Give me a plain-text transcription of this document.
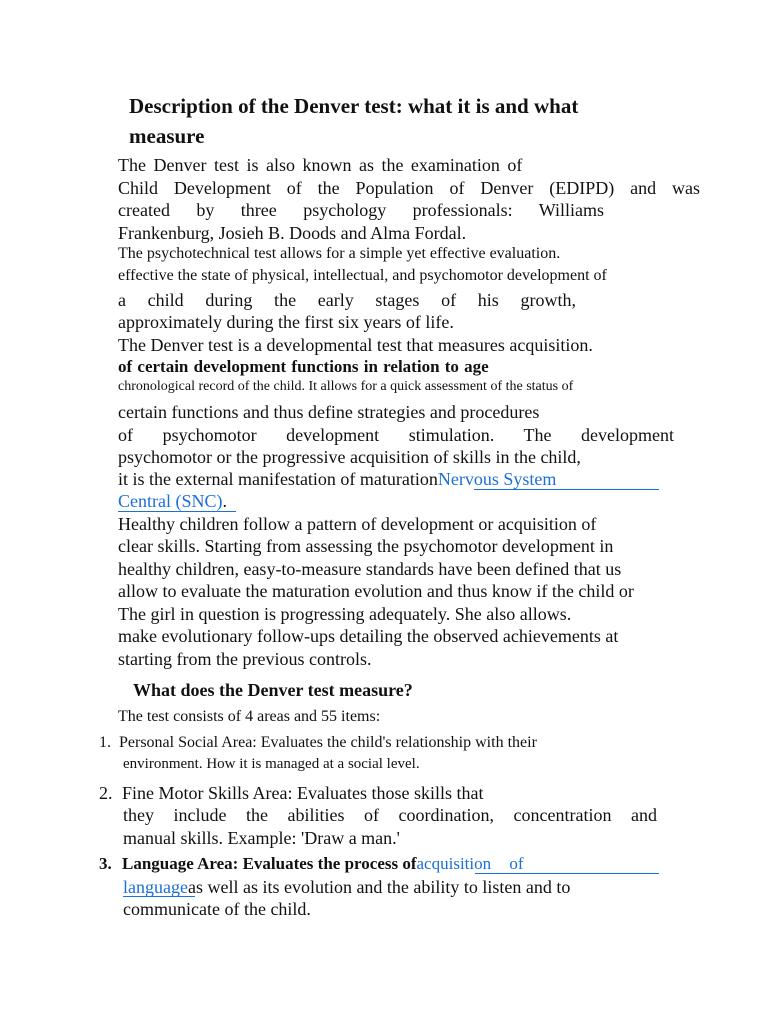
Description of the Denver test: what it is and what
measure
The Denver test is also known as the examination of
Child Development of the Population of Denver (EDIPD) and was
created by three psychology professionals: Williams
Frankenburg, Josieh B. Doods and Alma Fordal.
The psychotechnical test allows for a simple yet effective evaluation.
effective the state of physical, intellectual, and psychomotor development of
a child during the early stages of his growth,
approximately during the first six years of life.
The Denver test is a developmental test that measures acquisition.
of certain development functions in relation to age
chronological record of the child. It allows for a quick assessment of the status of
certain functions and thus define strategies and procedures
of psychomotor development stimulation. The development
psychomotor or the progressive acquisition of skills in the child,
it is the external manifestation of maturationNervous System
Central (SNC).
Healthy children follow a pattern of development or acquisition of
clear skills. Starting from assessing the psychomotor development in
healthy children, easy-to-measure standards have been defined that us
allow to evaluate the maturation evolution and thus know if the child or
The girl in question is progressing adequately. She also allows.
make evolutionary follow-ups detailing the observed achievements at
starting from the previous controls.
What does the Denver test measure?
The test consists of 4 areas and 55 items:
1. Personal Social Area: Evaluates the child's relationship with their
environment. How it is managed at a social level.
2. Fine Motor Skills Area: Evaluates those skills that
they include the abilities of coordination, concentration and
manual skills. Example: 'Draw a man.'
3. Language Area: Evaluates the process ofacquisition of
languageas well as its evolution and the ability to listen and to
communicate of the child.
